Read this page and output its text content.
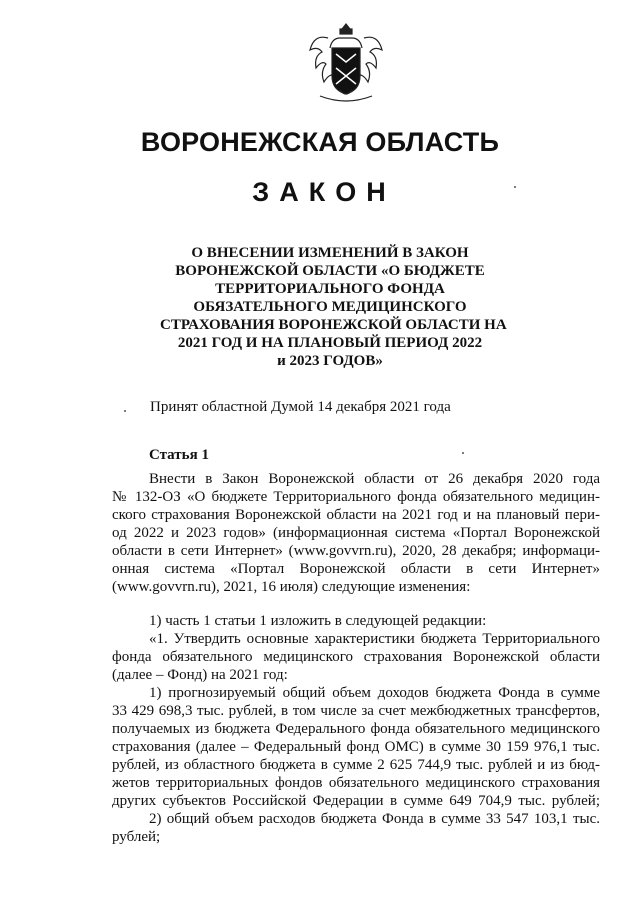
ВОРОНЕЖСКАЯ ОБЛАСТЬ
ЗАКОН
О ВНЕСЕНИИ ИЗМЕНЕНИЙ В ЗАКОН
ВОРОНЕЖСКОЙ ОБЛАСТИ «О БЮДЖЕТЕ
ТЕРРИТОРИАЛЬНОГО ФОНДА
ОБЯЗАТЕЛЬНОГО МЕДИЦИНСКОГО
СТРАХОВАНИЯ ВОРОНЕЖСКОЙ ОБЛАСТИ НА
2021 ГОД И НА ПЛАНОВЫЙ ПЕРИОД 2022
и 2023 ГОДОВ»

Принят областной Думой 14 декабря 2021 года

Статья 1

Внести в Закон Воронежской области от 26 декабря 2020 года

№ 132-ОЗ «О бюджете Территориального фонда обязательного медицин-

ского страхования Воронежской области на 2021 год и на плановый пери-

од 2022 и 2023 годов» (информационная система «Портал Воронежской

области в сети Интернет» (www.govvrn.ru), 2020, 28 декабря; информаци-

онная система «Портал Воронежской области в сети Интернет»

(www.govvrn.ru), 2021, 16 июля) следующие изменения:

1) часть 1 статьи 1 изложить в следующей редакции:

«1. Утвердить основные характеристики бюджета Территориального

фонда обязательного медицинского страхования Воронежской области

(далее – Фонд) на 2021 год:

1) прогнозируемый общий объем доходов бюджета Фонда в сумме

33 429 698,3 тыс. рублей, в том числе за счет межбюджетных трансфертов,

получаемых из бюджета Федерального фонда обязательного медицинского

страхования (далее – Федеральный фонд ОМС) в сумме 30 159 976,1 тыс.

рублей, из областного бюджета в сумме 2 625 744,9 тыс. рублей и из бюд-

жетов территориальных фондов обязательного медицинского страхования

других субъектов Российской Федерации в сумме 649 704,9 тыс. рублей;

2) общий объем расходов бюджета Фонда в сумме 33 547 103,1 тыс.

рублей;
